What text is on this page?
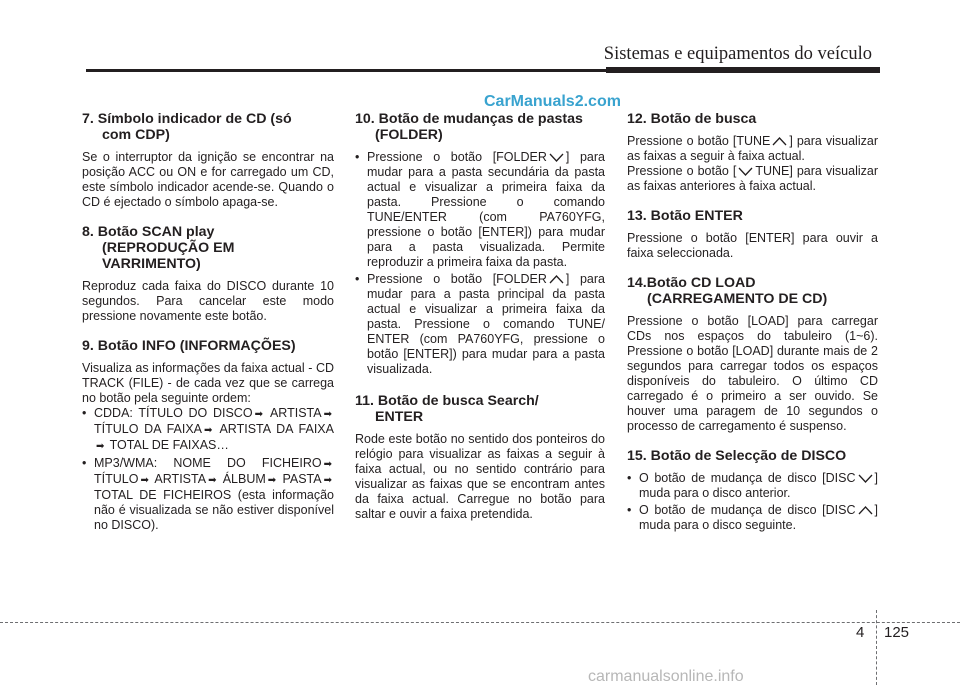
Sistemas e equipamentos do veículo
CarManuals2.com
7. Símbolo indicador de CD (só
com CDP)
Se o interruptor da ignição se encontrar na posição ACC ou ON e for carregado um CD, este símbolo indicador acende-se. Quando o CD é ejectado o símbolo apaga-se.
8. Botão SCAN play
(REPRODUÇÃO EM
VARRIMENTO)
Reproduz cada faixa do DISCO durante 10 segundos. Para cancelar este modo pressione novamente este botão.
9. Botão INFO (INFORMAÇÕES)
Visualiza as informações da faixa actual - CD TRACK (FILE) - de cada vez que se carrega no botão pela seguinte ordem:
• CDDA: TÍTULO DO DISCO ➡ ARTISTA ➡ TÍTULO DA FAIXA ➡ ARTISTA DA FAIXA➡ TOTAL DE FAIXAS…
• MP3/WMA: NOME DO FICHEIRO ➡ TÍTULO ➡ ARTISTA ➡ ÁLBUM ➡ PASTA ➡ TOTAL DE FICHEIROS (esta informação não é visualizada se não estiver disponível no DISCO).
10. Botão de mudanças de pastas
(FOLDER)
• Pressione o botão [FOLDER ] para mudar para a pasta secundária da pasta actual e visualizar a primeira faixa da pasta. Pressione o comando TUNE/ENTER (com PA760YFG, pressione o botão [ENTER]) para mudar para a pasta visualizada. Permite reproduzir a primeira faixa da pasta.
• Pressione o botão [FOLDER ] para mudar para a pasta principal da pasta actual e visualizar a primeira faixa da pasta. Pressione o comando TUNE/ ENTER (com PA760YFG, pressione o botão [ENTER]) para mudar para a pasta visualizada.
11. Botão de busca Search/
ENTER
Rode este botão no sentido dos ponteiros do relógio para visualizar as faixas a seguir à faixa actual, ou no sentido contrário para visualizar as faixas que se encontram antes da faixa actual. Carregue no botão para saltar e ouvir a faixa pretendida.
12. Botão de busca
Pressione o botão [TUNE ] para visualizar as faixas a seguir à faixa actual.
Pressione o botão [ TUNE] para visualizar as faixas anteriores à faixa actual.
13. Botão ENTER
Pressione o botão [ENTER] para ouvir a faixa seleccionada.
14.Botão CD LOAD
(CARREGAMENTO DE CD)
Pressione o botão [LOAD] para carregar CDs nos espaços do tabuleiro (1~6). Pressione o botão [LOAD] durante mais de 2 segundos para carregar todos os espaços disponíveis do tabuleiro. O último CD carregado é o primeiro a ser ouvido. Se houver uma paragem de 10 segundos o processo de carregamento é suspenso.
15. Botão de Selecção de DISCO
• O botão de mudança de disco [DISC ] muda para o disco anterior.
• O botão de mudança de disco [DISC ] muda para o disco seguinte.
4 125
carmanualsonline.info
